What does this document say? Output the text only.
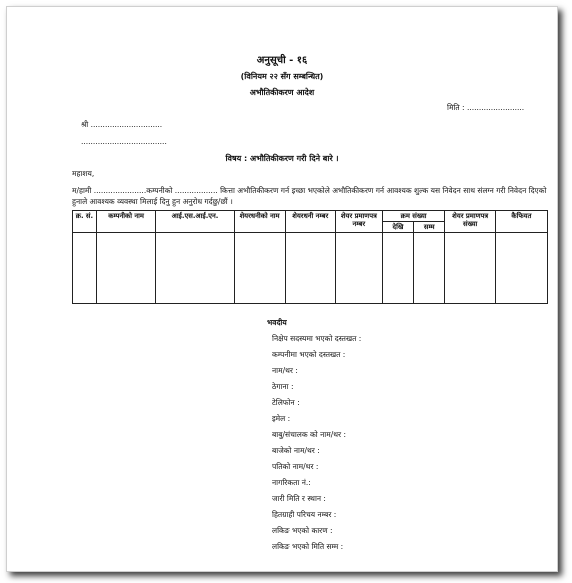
अनुसूची - १६
(विनियम २२ सँग सम्बन्धित)
अभौतिकीकरण आदेश
मिति : ........................
श्री ..............................
....................................
विषय : अभौतिकीकरण गरी दिने बारे ।
महाशय,
म/हामी ......................कम्पनीको .................. कित्ता अभौतिकीकरण गर्न इच्छा भएकोले अभौतिकीकरण गर्न आवश्यक शुल्क यस निवेदन साथ संलग्न गरी निवेदन दिएको हुनाले आवश्यक व्यवस्था मिलाई दिनु हुन अनुरोध गर्दछु/छौं ।
क्र. सं.	कम्पनीको नाम	आई.एस.आई.एन.	शेयरधनीको नाम	शेयरधनी नम्बर	शेयर प्रमाणपत्र नम्बर	क्रम संख्या		शेयर प्रमाणपत्र संख्या	कैफियत
						देखि	सम्म		

भवदीय
निक्षेप सदस्यमा भएको दस्तखत :
कम्पनीमा भएको दस्तखत :
नाम/थर :
ठेगाना :
टेलिफोन :
इमेल :
बाबु/संचालक को नाम/थर :
बाजेको नाम/थर :
पतिको नाम/थर :
नागरिकता नं.:
जारी मिति र स्थान :
हितग्राही परिचय नम्बर :
लकिङ भएको कारण :
लकिङ भएको मिति सम्म :
